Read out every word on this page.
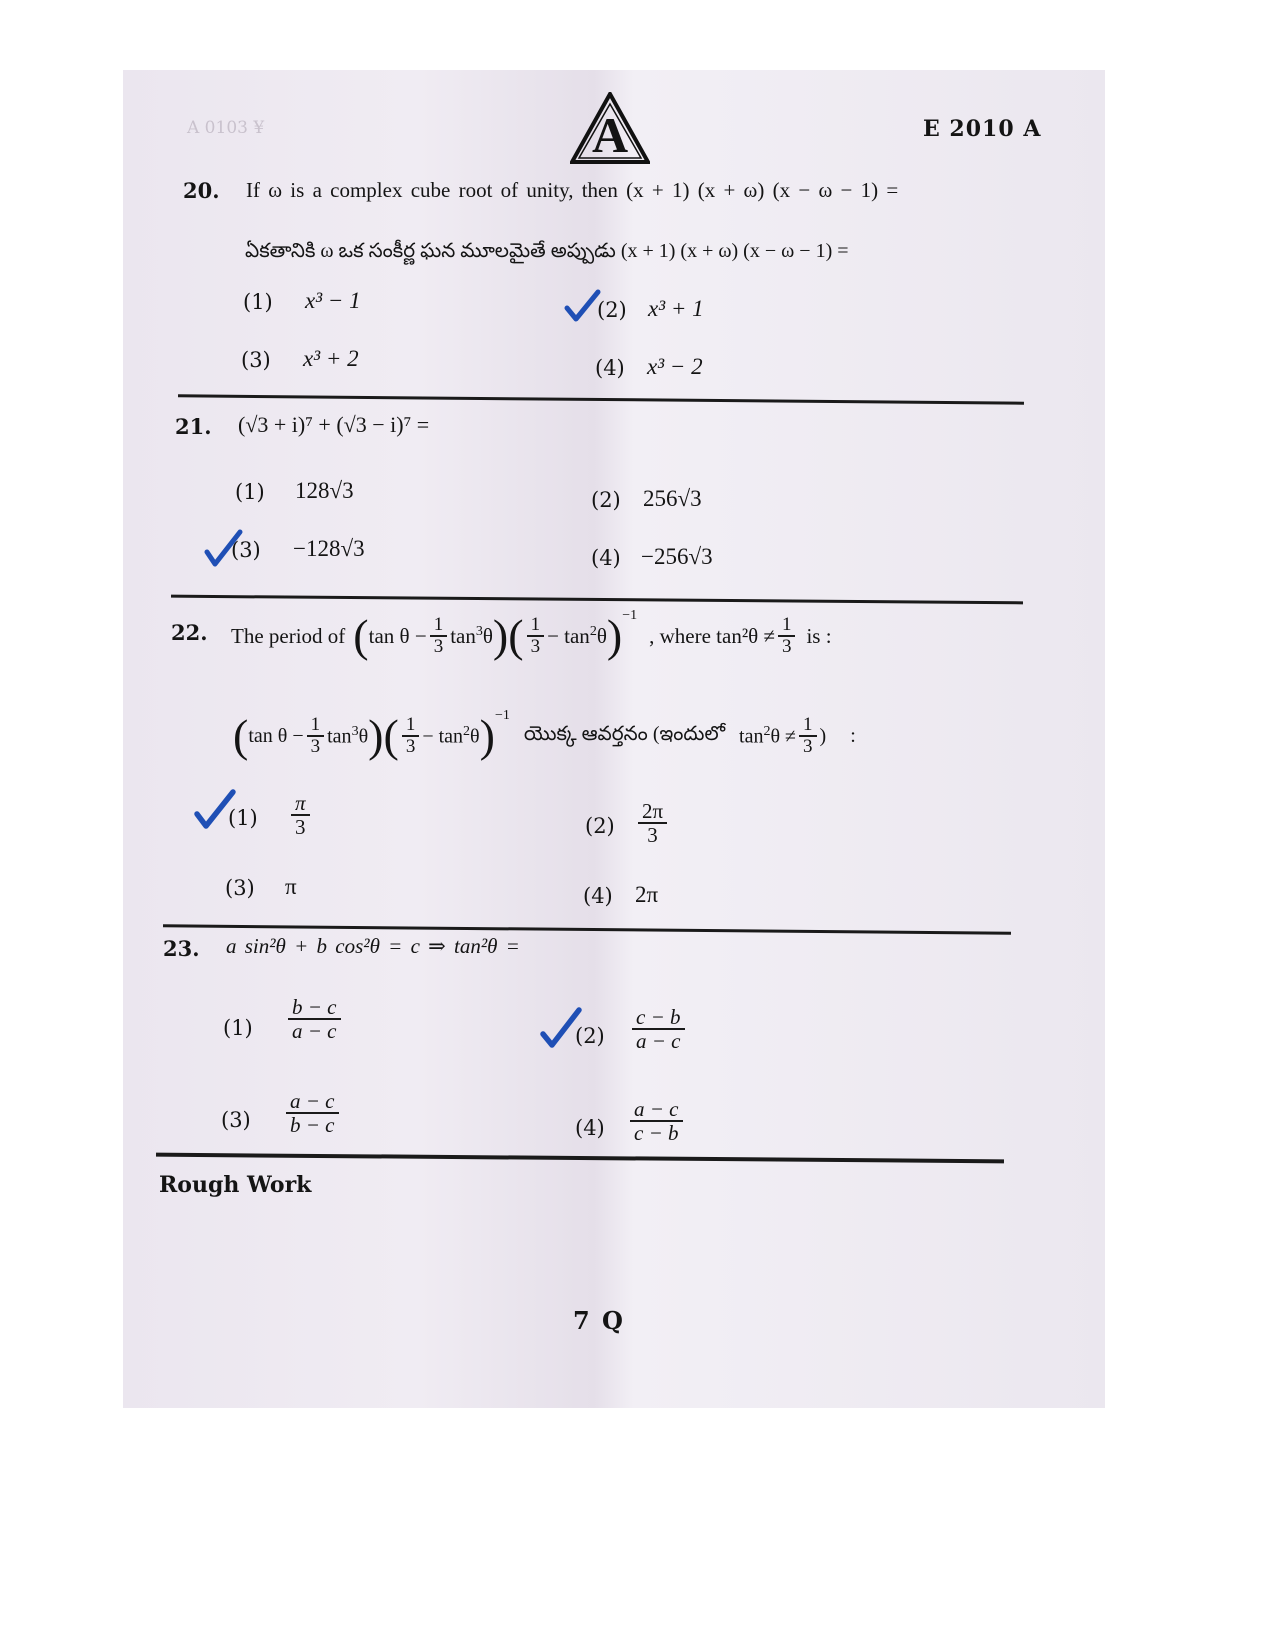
A 0103 ¥	A	E 2010 A
20. If ω is a complex cube root of unity, then (x + 1) (x + ω) (x − ω − 1) =
ఏకతానికి ω ఒక సంకీర్ణ ఘన మూలమైతే అప్పుడు (x + 1) (x + ω) (x − ω − 1) =
(1) x³ − 1	(2) x³ + 1
(3) x³ + 2	(4) x³ − 2
21. (√3 + i)⁷ + (√3 − i)⁷ =
(1) 128√3	(2) 256√3
(3) −128√3	(4) −256√3
22. The period of ( $\tan \theta - \frac{1}{3} \tan^3\theta$ ) ( $\frac{1}{3} - \tan^2\theta$ )$^{-1}$
, where $\tan^2\theta \ne \frac{1}{3}$ is :
( $\tan \theta - \frac{1}{3} \tan^3\theta$ ) ( $\frac{1}{3} - \tan^2\theta$ )$^{-1}$
యొక్క ఆవర్తనం (ఇందులో $\tan^2\theta \ne \frac{1}{3}$ ) :
$(1) \frac{\pi}{3}$	$(2) \frac{2\pi}{3}$
(3) π	(4) 2π
23. a sin²θ + b cos²θ = c ⇒ tan²θ =
$(1) \frac{b - c}{a - c}$	$(2) \frac{c - b}{a - c}$
$(3) \frac{a - c}{b - c}$	$(4) \frac{a - c}{c - b}$
Rough Work
7 Q
